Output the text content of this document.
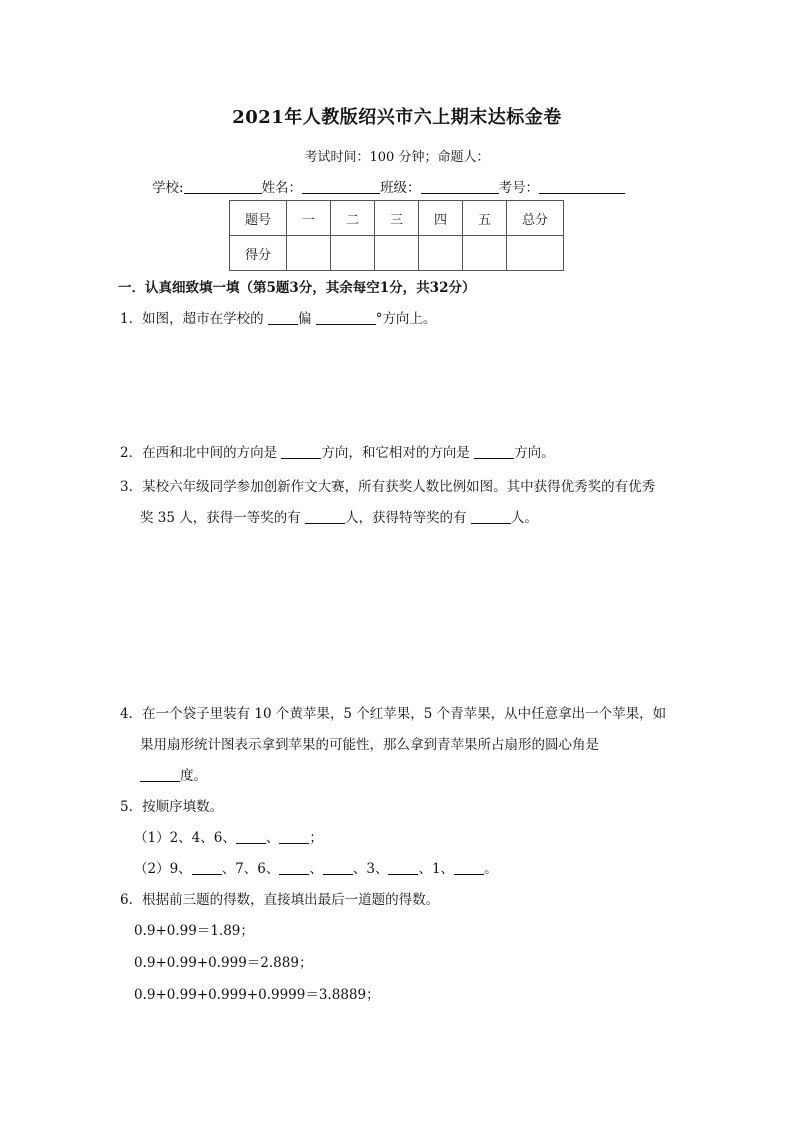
2021年人教版绍兴市六上期末达标金卷
考试时间：100 分钟；命题人：
学校:	姓名：	班级：	考号：
题号	一	二	三	四	五	总分
得分						
一．认真细致填一填（第5题3分，其余每空1分，共32分）
1．如图，超市在学校的 偏	°方向上。
2．在西和北中间的方向是	方向，和它相对的方向是	方向。
3．某校六年级同学参加创新作文大赛，所有获奖人数比例如图。其中获得优秀奖的有优秀
奖 35 人，获得一等奖的有	人，获得特等奖的有	人。
4．在一个袋子里装有 10 个黄苹果，5 个红苹果，5 个青苹果，从中任意拿出一个苹果，如
果用扇形统计图表示拿到苹果的可能性，那么拿到青苹果所占扇形的圆心角是
度。
5．按顺序填数。
（1）2、4、6、 、 ；
（2）9、 、7、6、 、 、3、 、1、 。
6．根据前三题的得数，直接填出最后一道题的得数。
0.9+0.99＝1.89；
0.9+0.99+0.999＝2.889；
0.9+0.99+0.999+0.9999＝3.8889；
